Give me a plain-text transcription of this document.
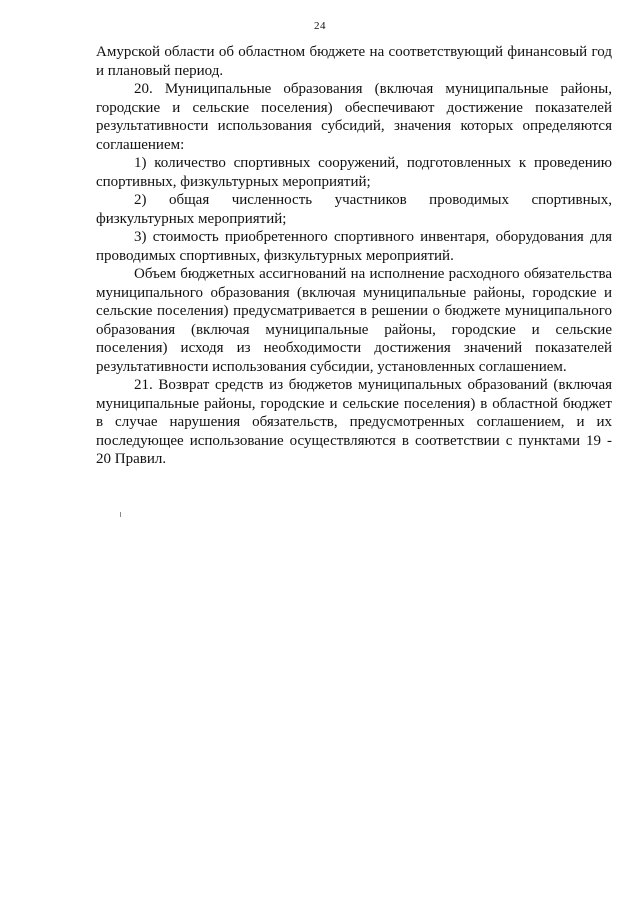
24

Амурской области об областном бюджете на соответствующий финансовый год и плановый период.

20. Муниципальные образования (включая муниципальные районы, городские и сельские поселения) обеспечивают достижение показателей результативности использования субсидий, значения которых определяются соглашением:

1) количество спортивных сооружений, подготовленных к проведению спортивных, физкультурных мероприятий;

2) общая численность участников проводимых спортивных, физкультурных мероприятий;

3) стоимость приобретенного спортивного инвентаря, оборудования для проводимых спортивных, физкультурных мероприятий.

Объем бюджетных ассигнований на исполнение расходного обязательства муниципального образования (включая муниципальные районы, городские и сельские поселения) предусматривается в решении о бюджете муниципального образования (включая муниципальные районы, городские и сельские поселения) исходя из необходимости достижения значений показателей результативности использования субсидии, установленных соглашением.

21. Возврат средств из бюджетов муниципальных образований (включая муниципальные районы, городские и сельские поселения) в областной бюджет в случае нарушения обязательств, предусмотренных соглашением, и их последующее использование осуществляются в соответствии с пунктами 19 - 20 Правил.
